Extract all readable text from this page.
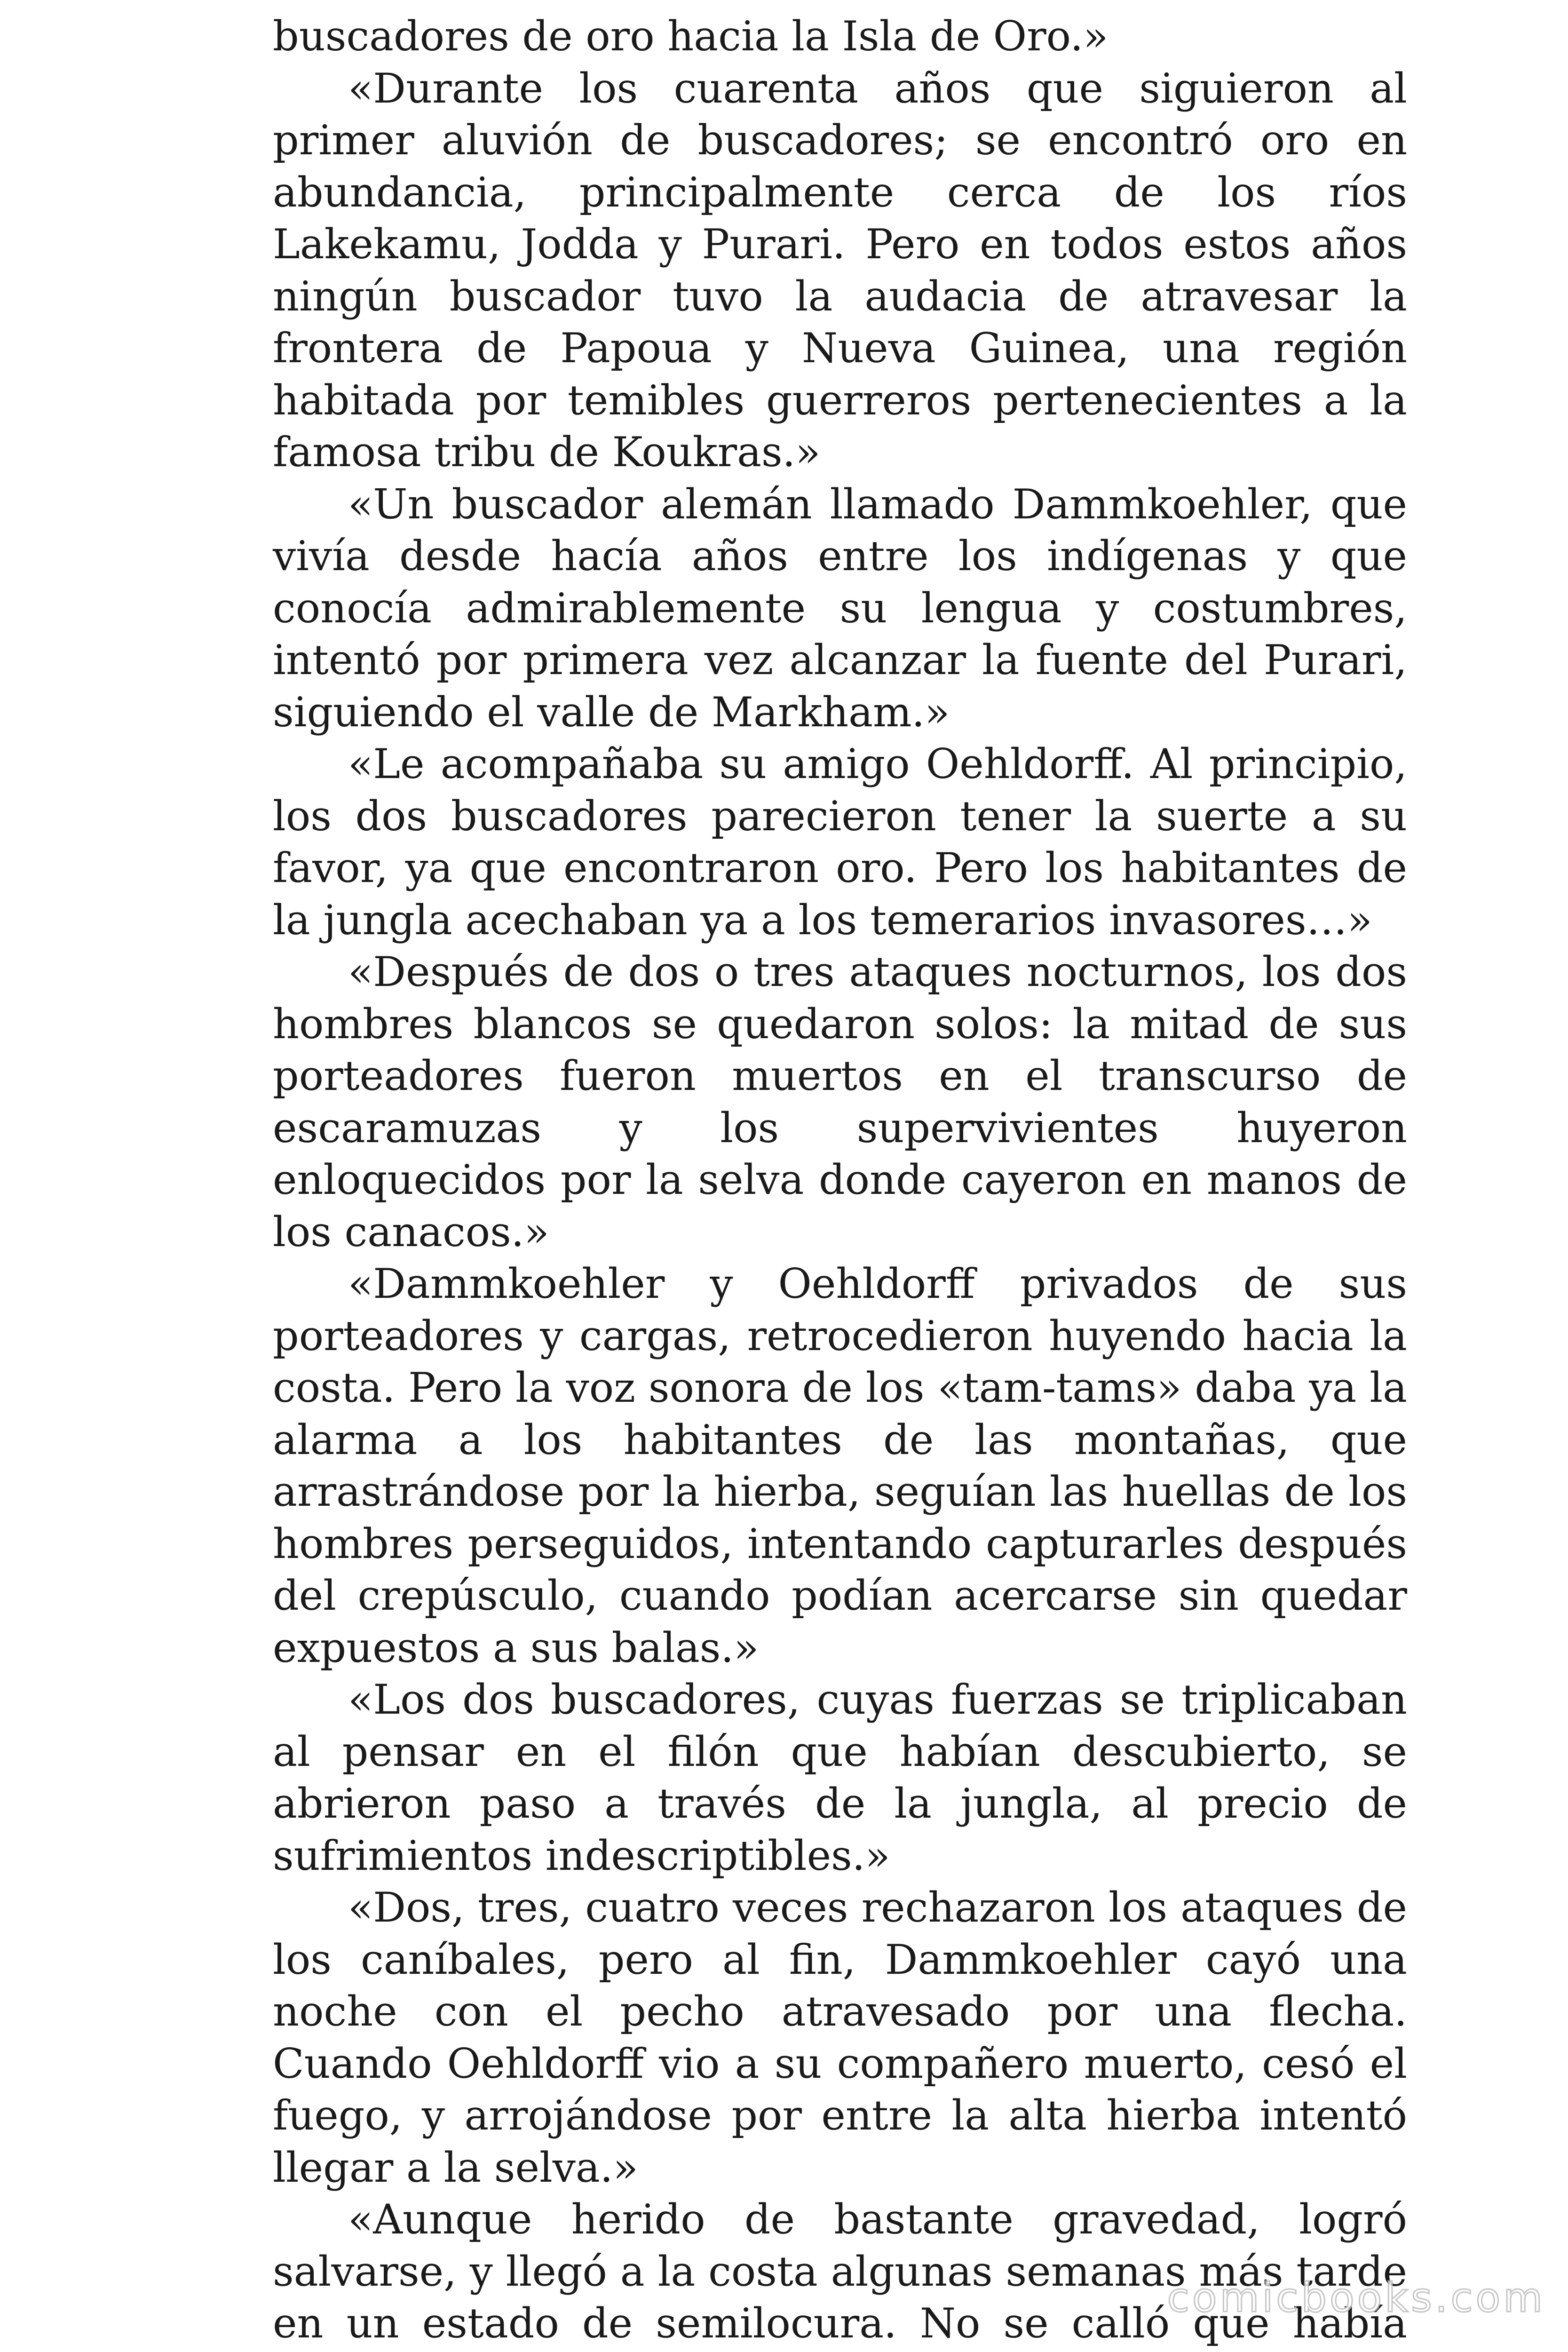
buscadores de oro hacia la Isla de Oro.»

«Durante los cuarenta años que siguieron al primer aluvión de buscadores; se encontró oro en abundancia, principalmente cerca de los ríos Lakekamu, Jodda y Purari. Pero en todos estos años ningún buscador tuvo la audacia de atravesar la frontera de Papoua y Nueva Guinea, una región habitada por temibles guerreros pertenecientes a la famosa tribu de Koukras.»

«Un buscador alemán llamado Dammkoehler, que vivía desde hacía años entre los indígenas y que conocía admirablemente su lengua y costumbres, intentó por primera vez alcanzar la fuente del Purari, siguiendo el valle de Markham.»

«Le acompañaba su amigo Oehldorff. Al principio, los dos buscadores parecieron tener la suerte a su favor, ya que encontraron oro. Pero los habitantes de la jungla acechaban ya a los temerarios invasores…»

«Después de dos o tres ataques nocturnos, los dos hombres blancos se quedaron solos: la mitad de sus porteadores fueron muertos en el transcurso de escaramuzas y los supervivientes huyeron enloquecidos por la selva donde cayeron en manos de los canacos.»

«Dammkoehler y Oehldorff privados de sus porteadores y cargas, retrocedieron huyendo hacia la costa. Pero la voz sonora de los «tam-tams» daba ya la alarma a los habitantes de las montañas, que arrastrándose por la hierba, seguían las huellas de los hombres perseguidos, intentando capturarles después del crepúsculo, cuando podían acercarse sin quedar expuestos a sus balas.»

«Los dos buscadores, cuyas fuerzas se triplicaban al pensar en el filón que habían descubierto, se abrieron paso a través de la jungla, al precio de sufrimientos indescriptibles.»

«Dos, tres, cuatro veces rechazaron los ataques de los caníbales, pero al fin, Dammkoehler cayó una noche con el pecho atravesado por una flecha. Cuando Oehldorff vio a su compañero muerto, cesó el fuego, y arrojándose por entre la alta hierba intentó llegar a la selva.»

«Aunque herido de bastante gravedad, logró salvarse, y llegó a la costa algunas semanas más tarde en un estado de semilocura. No se calló que había

comicbooks.com
